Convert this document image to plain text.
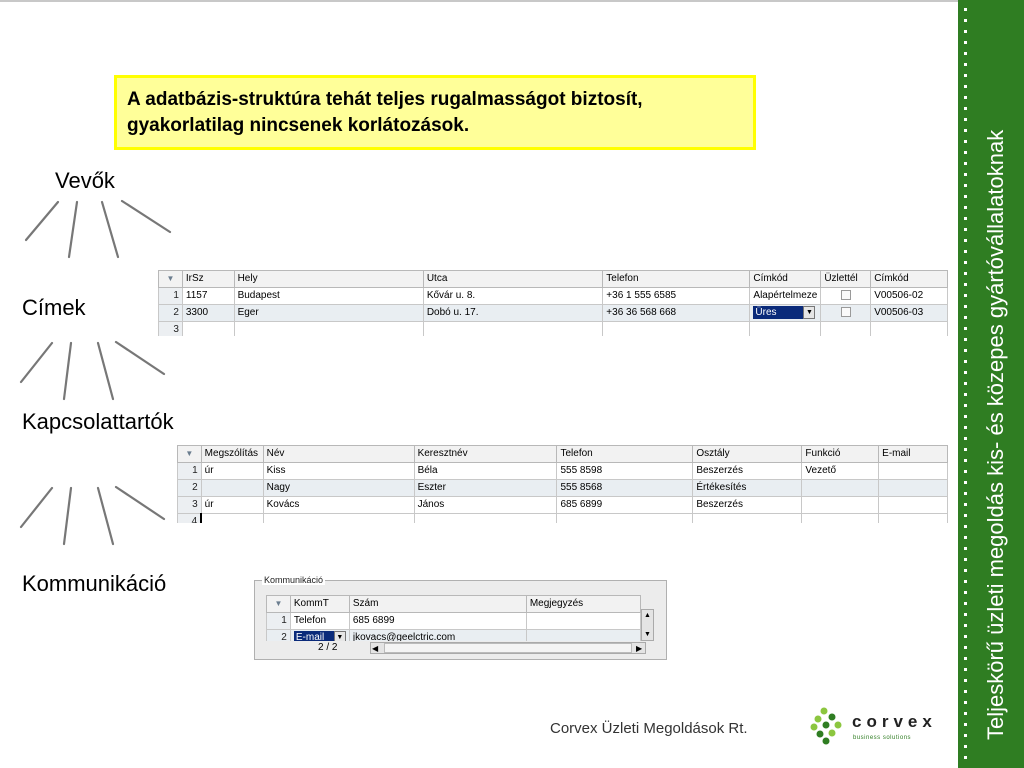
Teljeskörű üzleti megoldás kis- és közepes gyártóvállalatoknak
A adatbázis-struktúra tehát teljes rugalmasságot biztosít,
gyakorlatilag nincsenek korlátozások.
Vevők
Címek
Kapcsolattartók
Kommunikáció
▼	IrSz	Hely	Utca	Telefon	Címkód	Üzlettél	Címkód
1	1157	Budapest	Kővár u. 8.	+36 1 555 6585	Alapértelmeze		V00506-02
2	3300	Eger	Dobó u. 17.	+36 36 568 668	Üres ▼		V00506-03
3							
▼	Megszólítás	Név	Keresztnév	Telefon	Osztály	Funkció	E-mail
1	úr	Kiss	Béla	555 8598	Beszerzés	Vezető	
2		Nagy	Eszter	555 8568	Értékesítés		
3	úr	Kovács	János	685 6899	Beszerzés		
4							
Kommunikáció
▼	KommT	Szám	Megjegyzés
1	Telefon	685 6899	
2	E-mail ▼	jkovacs@geelctric.com	
▲
▼
2 / 2	◀	▶
Corvex Üzleti Megoldások Rt.	corvex
business solutions
